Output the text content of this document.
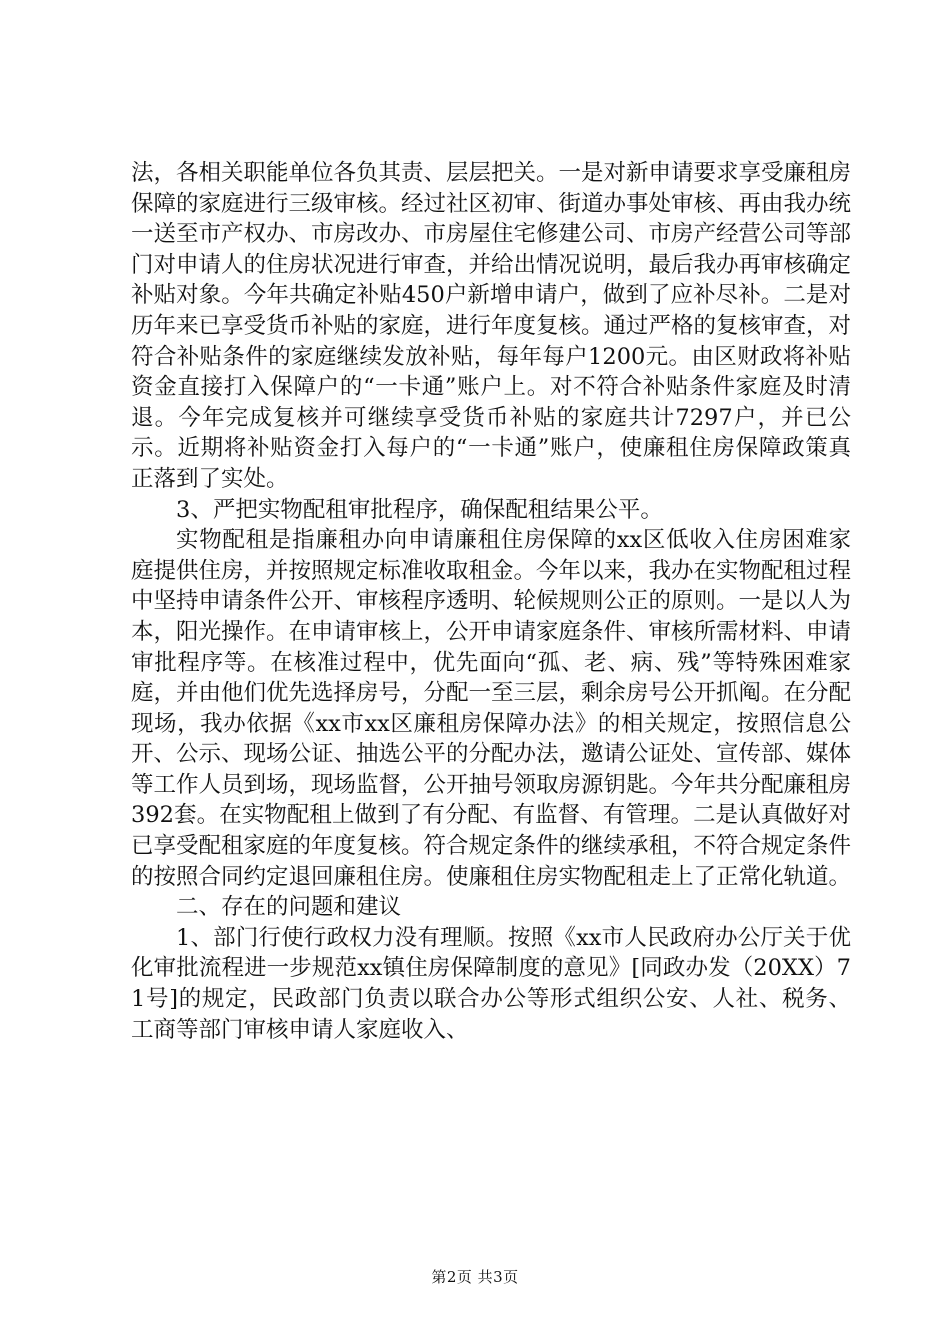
法，各相关职能单位各负其责、层层把关。一是对新申请要求享受廉租房保障的家庭进行三级审核。经过社区初审、街道办事处审核、再由我办统一送至市产权办、市房改办、市房屋住宅修建公司、市房产经营公司等部门对申请人的住房状况进行审查，并给出情况说明，最后我办再审核确定补贴对象。今年共确定补贴450户新增申请户，做到了应补尽补。二是对历年来已享受货币补贴的家庭，进行年度复核。通过严格的复核审查，对符合补贴条件的家庭继续发放补贴，每年每户1200元。由区财政将补贴资金直接打入保障户的“一卡通”账户上。对不符合补贴条件家庭及时清退。今年完成复核并可继续享受货币补贴的家庭共计7297户，并已公示。近期将补贴资金打入每户的“一卡通”账户，使廉租住房保障政策真正落到了实处。

3、严把实物配租审批程序，确保配租结果公平。

实物配租是指廉租办向申请廉租住房保障的xx区低收入住房困难家庭提供住房，并按照规定标准收取租金。今年以来，我办在实物配租过程中坚持申请条件公开、审核程序透明、轮候规则公正的原则。一是以人为本，阳光操作。在申请审核上，公开申请家庭条件、审核所需材料、申请审批程序等。在核准过程中，优先面向“孤、老、病、残”等特殊困难家庭，并由他们优先选择房号，分配一至三层，剩余房号公开抓阄。在分配现场，我办依据《xx市xx区廉租房保障办法》的相关规定，按照信息公开、公示、现场公证、抽选公平的分配办法，邀请公证处、宣传部、媒体等工作人员到场，现场监督，公开抽号领取房源钥匙。今年共分配廉租房392套。在实物配租上做到了有分配、有监督、有管理。二是认真做好对已享受配租家庭的年度复核。符合规定条件的继续承租，不符合规定条件的按照合同约定退回廉租住房。使廉租住房实物配租走上了正常化轨道。

二、存在的问题和建议

1、部门行使行政权力没有理顺。按照《xx市人民政府办公厅关于优化审批流程进一步规范xx镇住房保障制度的意见》[同政办发（20XX）71号]的规定，民政部门负责以联合办公等形式组织公安、人社、税务、工商等部门审核申请人家庭收入、

第2页 共3页
